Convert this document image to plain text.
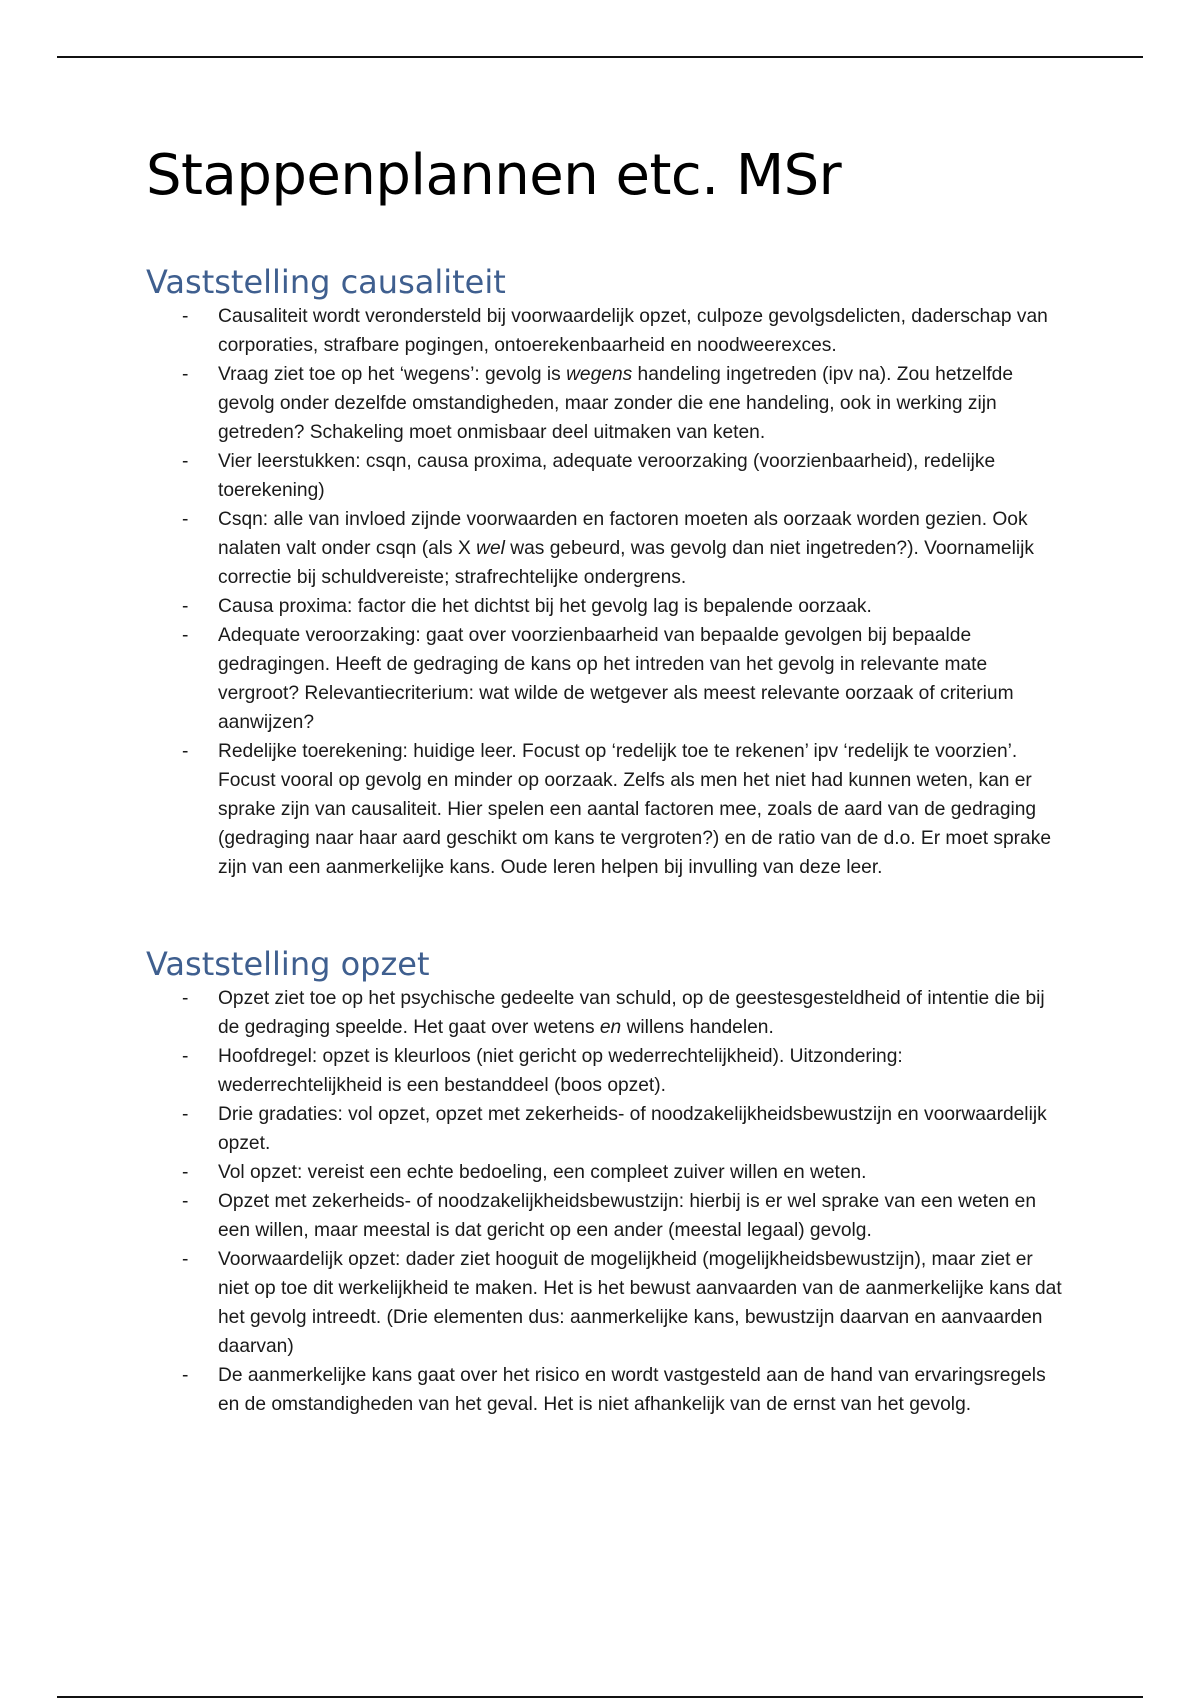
Stappenplannen etc. MSr
Vaststelling causaliteit
-	Causaliteit wordt verondersteld bij voorwaardelijk opzet, culpoze gevolgsdelicten, daderschap van corporaties, strafbare pogingen, ontoerekenbaarheid en noodweerexces.
-	Vraag ziet toe op het ‘wegens’: gevolg is wegens handeling ingetreden (ipv na). Zou hetzelfde gevolg onder dezelfde omstandigheden, maar zonder die ene handeling, ook in werking zijn getreden? Schakeling moet onmisbaar deel uitmaken van keten.
-	Vier leerstukken: csqn, causa proxima, adequate veroorzaking (voorzienbaarheid), redelijke toerekening)
-	Csqn: alle van invloed zijnde voorwaarden en factoren moeten als oorzaak worden gezien. Ook nalaten valt onder csqn (als X wel was gebeurd, was gevolg dan niet ingetreden?). Voornamelijk correctie bij schuldvereiste; strafrechtelijke ondergrens.
-	Causa proxima: factor die het dichtst bij het gevolg lag is bepalende oorzaak.
-	Adequate veroorzaking: gaat over voorzienbaarheid van bepaalde gevolgen bij bepaalde gedragingen. Heeft de gedraging de kans op het intreden van het gevolg in relevante mate vergroot? Relevantiecriterium: wat wilde de wetgever als meest relevante oorzaak of criterium aanwijzen?
-	Redelijke toerekening: huidige leer. Focust op ‘redelijk toe te rekenen’ ipv ‘redelijk te voorzien’. Focust vooral op gevolg en minder op oorzaak. Zelfs als men het niet had kunnen weten, kan er sprake zijn van causaliteit. Hier spelen een aantal factoren mee, zoals de aard van de gedraging (gedraging naar haar aard geschikt om kans te vergroten?) en de ratio van de d.o. Er moet sprake zijn van een aanmerkelijke kans. Oude leren helpen bij invulling van deze leer.
Vaststelling opzet
-	Opzet ziet toe op het psychische gedeelte van schuld, op de geestesgesteldheid of intentie die bij de gedraging speelde. Het gaat over wetens en willens handelen.
-	Hoofdregel: opzet is kleurloos (niet gericht op wederrechtelijkheid). Uitzondering: wederrechtelijkheid is een bestanddeel (boos opzet).
-	Drie gradaties: vol opzet, opzet met zekerheids- of noodzakelijkheidsbewustzijn en voorwaardelijk opzet.
-	Vol opzet: vereist een echte bedoeling, een compleet zuiver willen en weten.
-	Opzet met zekerheids- of noodzakelijkheidsbewustzijn: hierbij is er wel sprake van een weten en een willen, maar meestal is dat gericht op een ander (meestal legaal) gevolg.
-	Voorwaardelijk opzet: dader ziet hooguit de mogelijkheid (mogelijkheidsbewustzijn), maar ziet er niet op toe dit werkelijkheid te maken. Het is het bewust aanvaarden van de aanmerkelijke kans dat het gevolg intreedt. (Drie elementen dus: aanmerkelijke kans, bewustzijn daarvan en aanvaarden daarvan)
-	De aanmerkelijke kans gaat over het risico en wordt vastgesteld aan de hand van ervaringsregels en de omstandigheden van het geval. Het is niet afhankelijk van de ernst van het gevolg.
